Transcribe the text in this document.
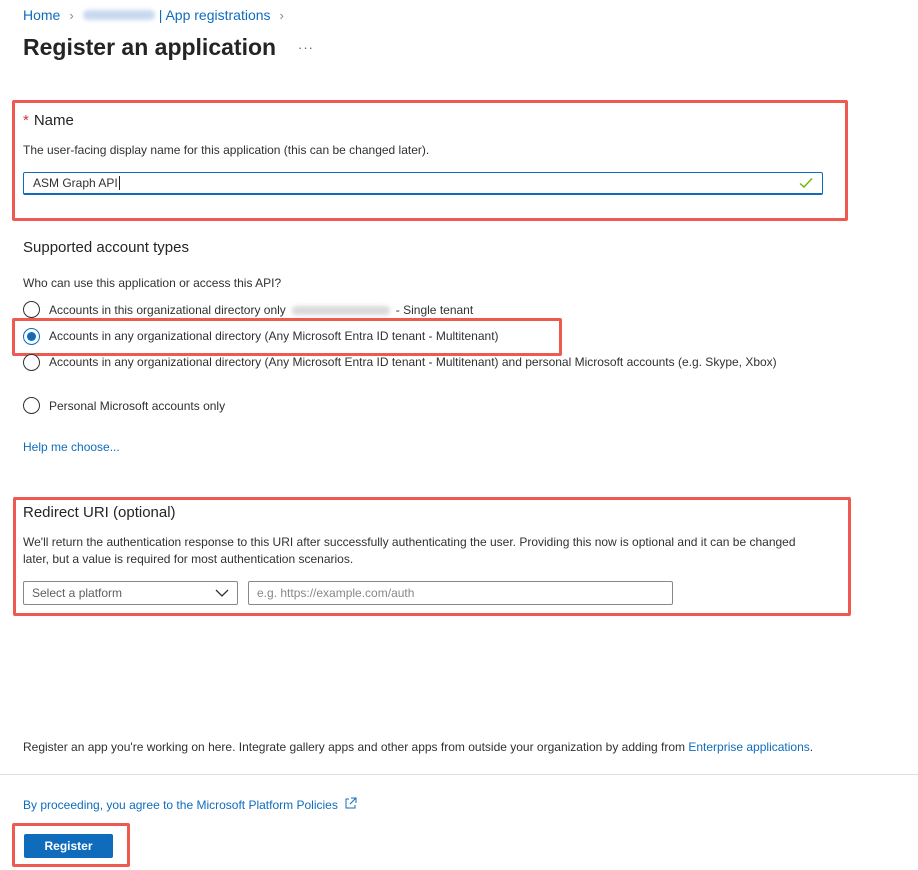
Home ›	| App registrations ›
Register an application ···
* Name
The user-facing display name for this application (this can be changed later).
ASM Graph API
Supported account types
Who can use this application or access this API?
Accounts in this organizational directory only	- Single tenant
Accounts in any organizational directory (Any Microsoft Entra ID tenant - Multitenant)
Accounts in any organizational directory (Any Microsoft Entra ID tenant - Multitenant) and personal Microsoft accounts (e.g. Skype, Xbox)
Personal Microsoft accounts only
Help me choose...
Redirect URI (optional)
We'll return the authentication response to this URI after successfully authenticating the user. Providing this now is optional and it can be changed later, but a value is required for most authentication scenarios.
Select a platform	e.g. https://example.com/auth
Register an app you're working on here. Integrate gallery apps and other apps from outside your organization by adding from Enterprise applications.
By proceeding, you agree to the Microsoft Platform Policies
Register
